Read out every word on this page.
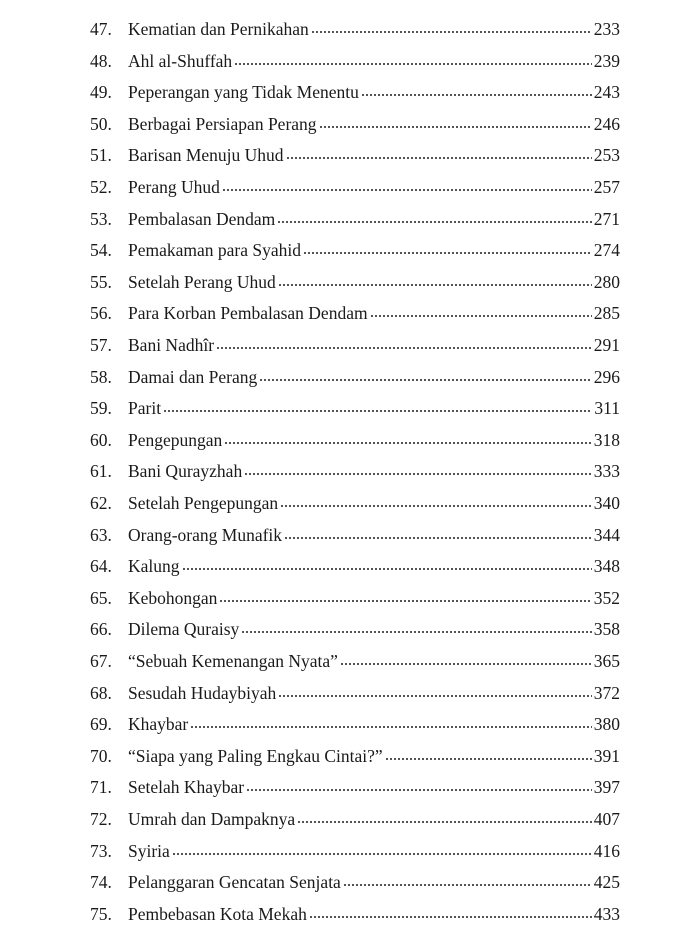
47. Kematian dan Pernikahan	233
48. Ahl al-Shuffah	239
49. Peperangan yang Tidak Menentu	243
50. Berbagai Persiapan Perang	246
51. Barisan Menuju Uhud	253
52. Perang Uhud	257
53. Pembalasan Dendam	271
54. Pemakaman para Syahid	274
55. Setelah Perang Uhud	280
56. Para Korban Pembalasan Dendam	285
57. Bani Nadhîr	291
58. Damai dan Perang	296
59. Parit	311
60. Pengepungan	318
61. Bani Qurayzhah	333
62. Setelah Pengepungan	340
63. Orang-orang Munafik	344
64. Kalung	348
65. Kebohongan	352
66. Dilema Quraisy	358
67. “Sebuah Kemenangan Nyata”	365
68. Sesudah Hudaybiyah	372
69. Khaybar	380
70. “Siapa yang Paling Engkau Cintai?”	391
71. Setelah Khaybar	397
72. Umrah dan Dampaknya	407
73. Syiria	416
74. Pelanggaran Gencatan Senjata	425
75. Pembebasan Kota Mekah	433
